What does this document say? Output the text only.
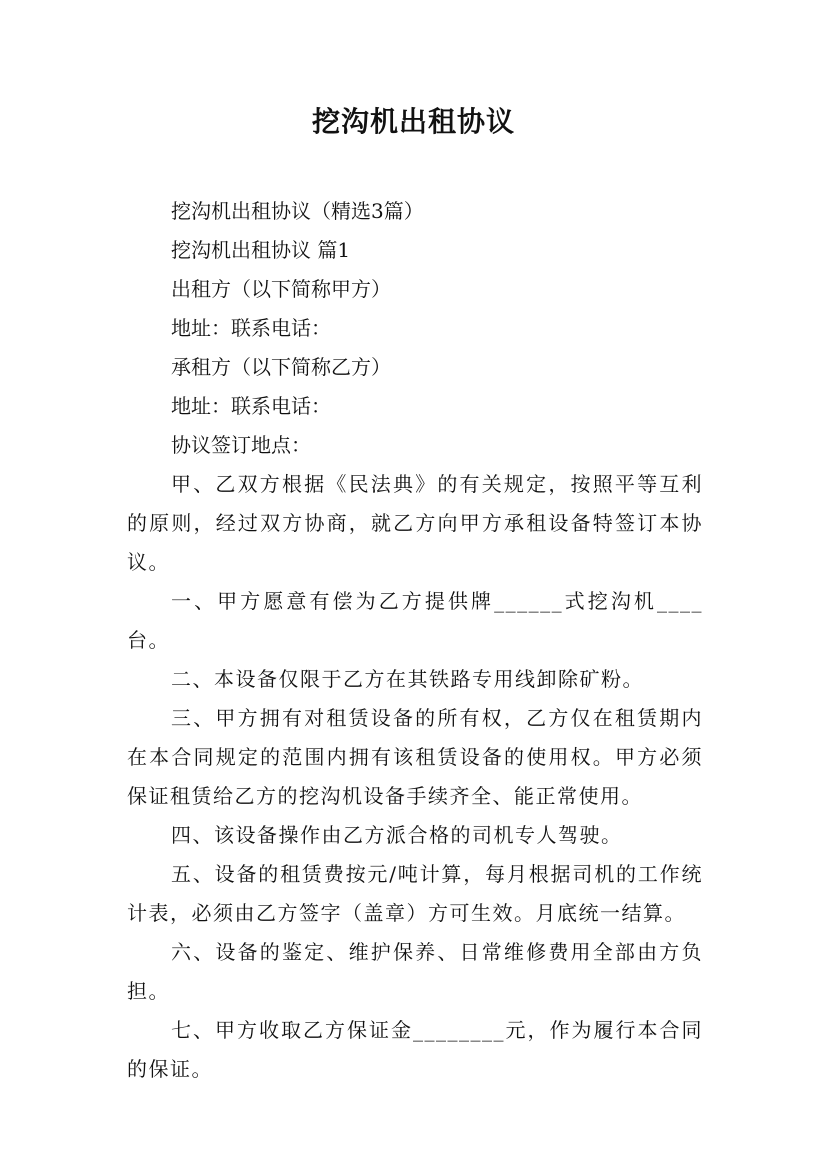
挖沟机出租协议
挖沟机出租协议（精选3篇）
挖沟机出租协议 篇1
出租方（以下简称甲方）
地址：联系电话：
承租方（以下简称乙方）
地址：联系电话：
协议签订地点：
甲、乙双方根据《民法典》的有关规定，按照平等互利的原则，经过双方协商，就乙方向甲方承租设备特签订本协议。
一、甲方愿意有偿为乙方提供牌______式挖沟机____台。
二、本设备仅限于乙方在其铁路专用线卸除矿粉。
三、甲方拥有对租赁设备的所有权，乙方仅在租赁期内在本合同规定的范围内拥有该租赁设备的使用权。甲方必须保证租赁给乙方的挖沟机设备手续齐全、能正常使用。
四、该设备操作由乙方派合格的司机专人驾驶。
五、设备的租赁费按元/吨计算，每月根据司机的工作统计表，必须由乙方签字（盖章）方可生效。月底统一结算。
六、设备的鉴定、维护保养、日常维修费用全部由方负担。
七、甲方收取乙方保证金________元，作为履行本合同的保证。
